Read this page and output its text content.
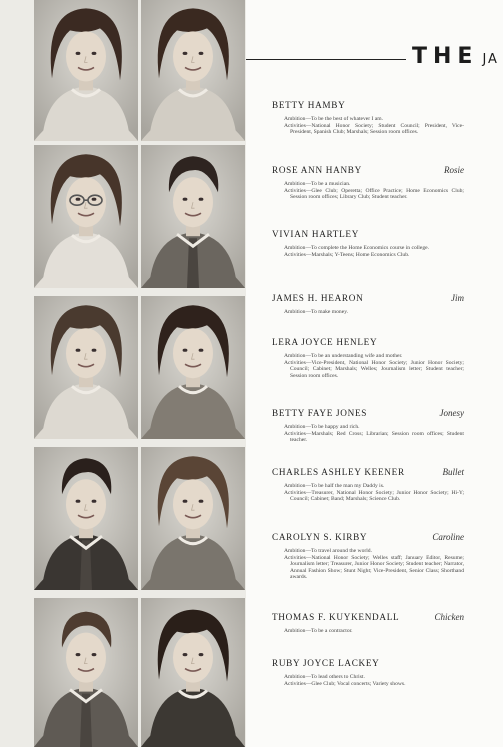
THE JA
BETTY HAMBY

Ambition—To be the best of whatever I am.

Activities—National Honor Society; Student Council; President, Vice-President, Spanish Club; Marshals; Session room offices.

ROSE ANN HANBY	Rosie

Ambition—To be a musician.

Activities—Glee Club; Operetta; Office Practice; Home Economics Club; Session room offices; Library Club; Student teacher.

VIVIAN HARTLEY

Ambition—To complete the Home Economics course in college.

Activities—Marshals; Y-Teens; Home Economics Club.

JAMES H. HEARON	Jim

Ambition—To make money.

LERA JOYCE HENLEY

Ambition—To be an understanding wife and mother.

Activities—Vice-President, National Honor Society; Junior Honor Society; Council; Cabinet; Marshals; Welles; Journalism letter; Student teacher; Session room offices.

BETTY FAYE JONES	Jonesy

Ambition—To be happy and rich.

Activities—Marshals; Red Cross; Librarian; Session room offices; Student teacher.

CHARLES ASHLEY KEENER	Bullet

Ambition—To be half the man my Daddy is.

Activities—Treasurer, National Honor Society; Junior Honor Society; Hi-Y; Council; Cabinet; Band; Marshals; Science Club.

CAROLYN S. KIRBY	Caroline

Ambition—To travel around the world.

Activities—National Honor Society; Welles staff; January Editor, Resume; Journalism letter; Treasurer, Junior Honor Society; Student teacher; Narrator, Annual Fashion Show; Stunt Night; Vice-President, Senior Class; Shorthand awards.

THOMAS F. KUYKENDALL	Chicken

Ambition—To be a contractor.

RUBY JOYCE LACKEY

Ambition—To lead others to Christ.

Activities—Glee Club; Vocal concerts; Variety shows.
